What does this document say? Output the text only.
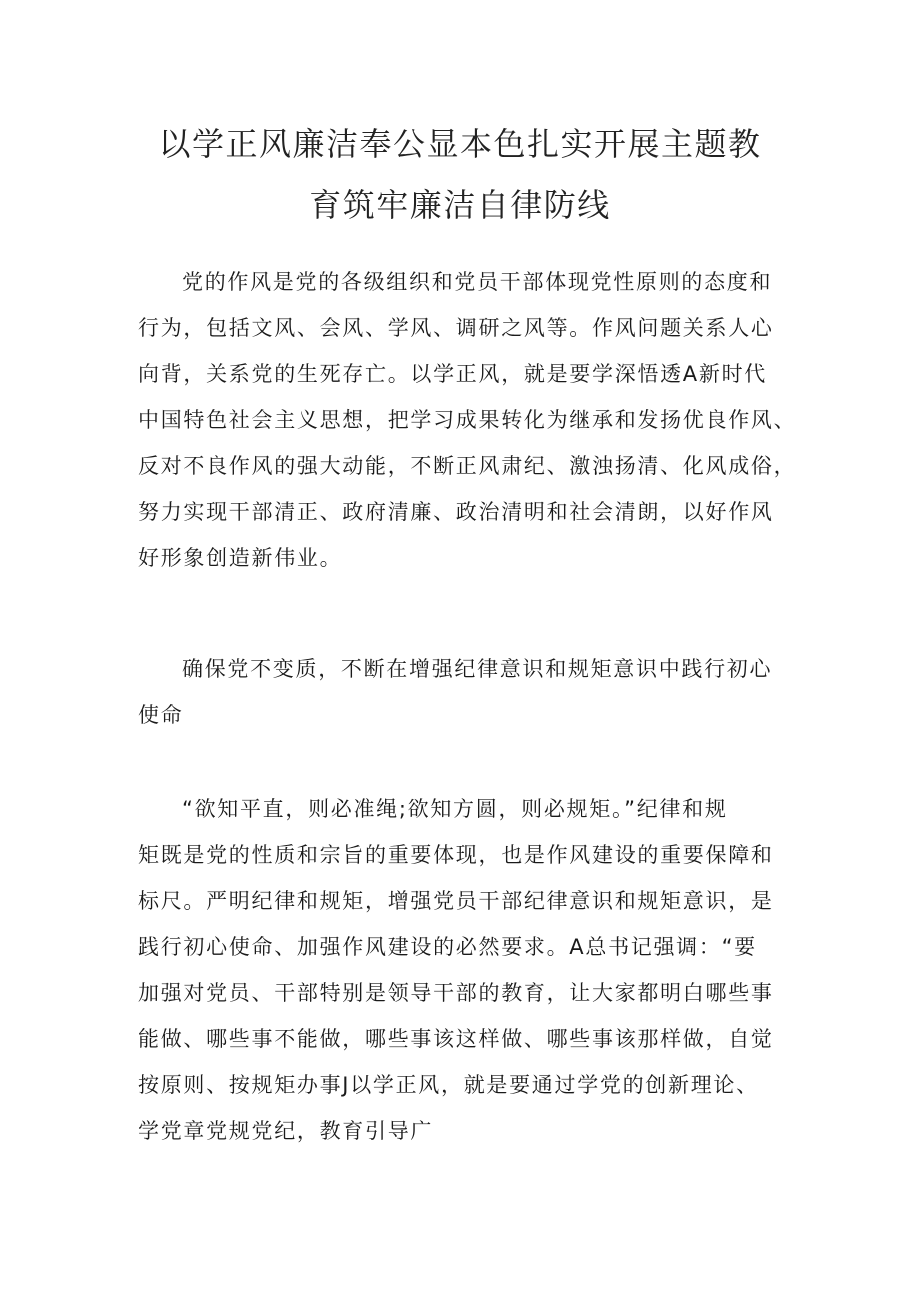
以学正风廉洁奉公显本色扎实开展主题教
育筑牢廉洁自律防线
党的作风是党的各级组织和党员干部体现党性原则的态度和
行为，包括文风、会风、学风、调研之风等。作风问题关系人心
向背，关系党的生死存亡。以学正风，就是要学深悟透A新时代
中国特色社会主义思想，把学习成果转化为继承和发扬优良作风、
反对不良作风的强大动能，不断正风肃纪、激浊扬清、化风成俗，
努力实现干部清正、政府清廉、政治清明和社会清朗，以好作风
好形象创造新伟业。
确保党不变质，不断在增强纪律意识和规矩意识中践行初心
使命
“欲知平直，则必准绳;欲知方圆，则必规矩。”纪律和规
矩既是党的性质和宗旨的重要体现，也是作风建设的重要保障和
标尺。严明纪律和规矩，增强党员干部纪律意识和规矩意识，是
践行初心使命、加强作风建设的必然要求。A总书记强调：“要
加强对党员、干部特别是领导干部的教育，让大家都明白哪些事
能做、哪些事不能做，哪些事该这样做、哪些事该那样做，自觉
按原则、按规矩办事J以学正风，就是要通过学党的创新理论、
学党章党规党纪，教育引导广
